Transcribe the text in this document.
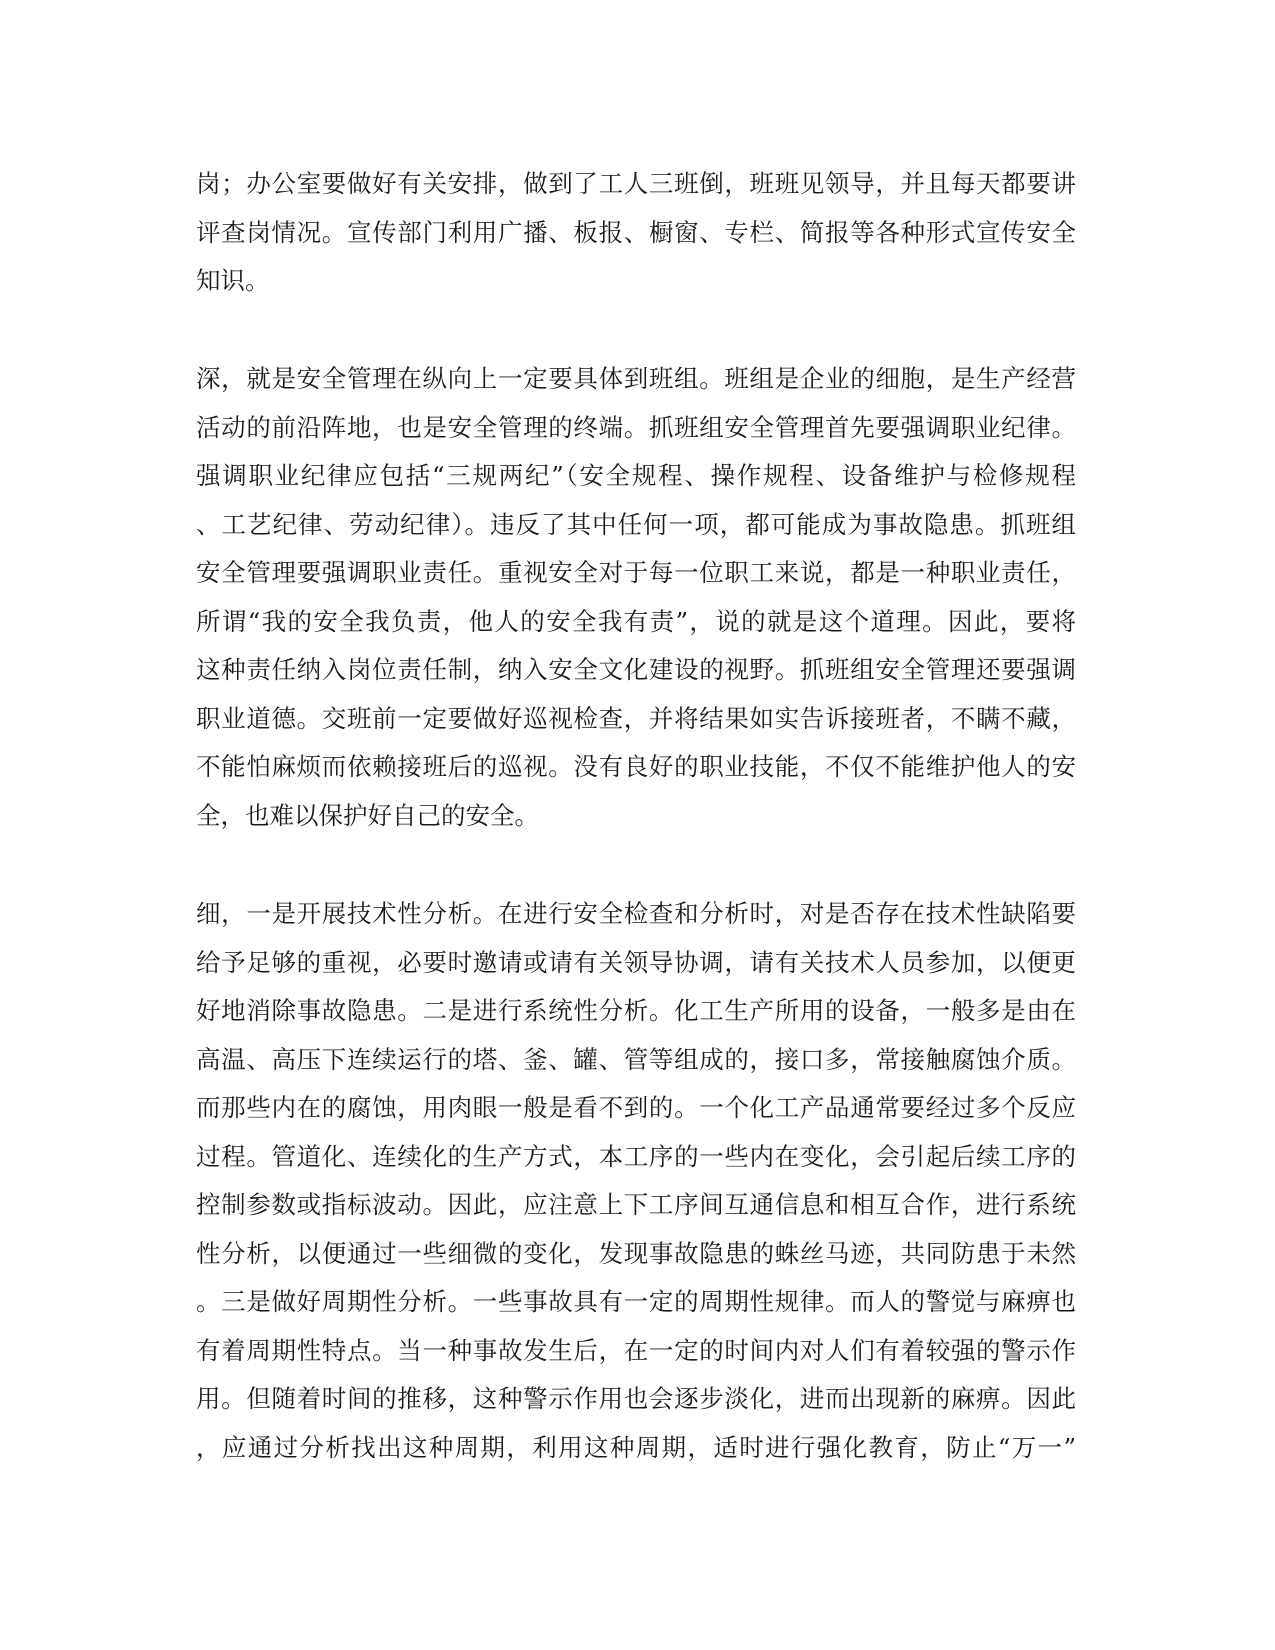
岗；办公室要做好有关安排，做到了工人三班倒，班班见领导，并且每天都要讲
评查岗情况。宣传部门利用广播、板报、橱窗、专栏、简报等各种形式宣传安全
知识。
深，就是安全管理在纵向上一定要具体到班组。班组是企业的细胞，是生产经营
活动的前沿阵地，也是安全管理的终端。抓班组安全管理首先要强调职业纪律。
强调职业纪律应包括“三规两纪”（安全规程、操作规程、设备维护与检修规程
、工艺纪律、劳动纪律）。违反了其中任何一项，都可能成为事故隐患。抓班组
安全管理要强调职业责任。重视安全对于每一位职工来说，都是一种职业责任，
所谓“我的安全我负责，他人的安全我有责”，说的就是这个道理。因此，要将
这种责任纳入岗位责任制，纳入安全文化建设的视野。抓班组安全管理还要强调
职业道德。交班前一定要做好巡视检查，并将结果如实告诉接班者，不瞒不藏，
不能怕麻烦而依赖接班后的巡视。没有良好的职业技能，不仅不能维护他人的安
全，也难以保护好自己的安全。
细，一是开展技术性分析。在进行安全检查和分析时，对是否存在技术性缺陷要
给予足够的重视，必要时邀请或请有关领导协调，请有关技术人员参加，以便更
好地消除事故隐患。二是进行系统性分析。化工生产所用的设备，一般多是由在
高温、高压下连续运行的塔、釜、罐、管等组成的，接口多，常接触腐蚀介质。
而那些内在的腐蚀，用肉眼一般是看不到的。一个化工产品通常要经过多个反应
过程。管道化、连续化的生产方式，本工序的一些内在变化，会引起后续工序的
控制参数或指标波动。因此，应注意上下工序间互通信息和相互合作，进行系统
性分析，以便通过一些细微的变化，发现事故隐患的蛛丝马迹，共同防患于未然
。三是做好周期性分析。一些事故具有一定的周期性规律。而人的警觉与麻痹也
有着周期性特点。当一种事故发生后，在一定的时间内对人们有着较强的警示作
用。但随着时间的推移，这种警示作用也会逐步淡化，进而出现新的麻痹。因此
，应通过分析找出这种周期，利用这种周期，适时进行强化教育，防止“万一”
